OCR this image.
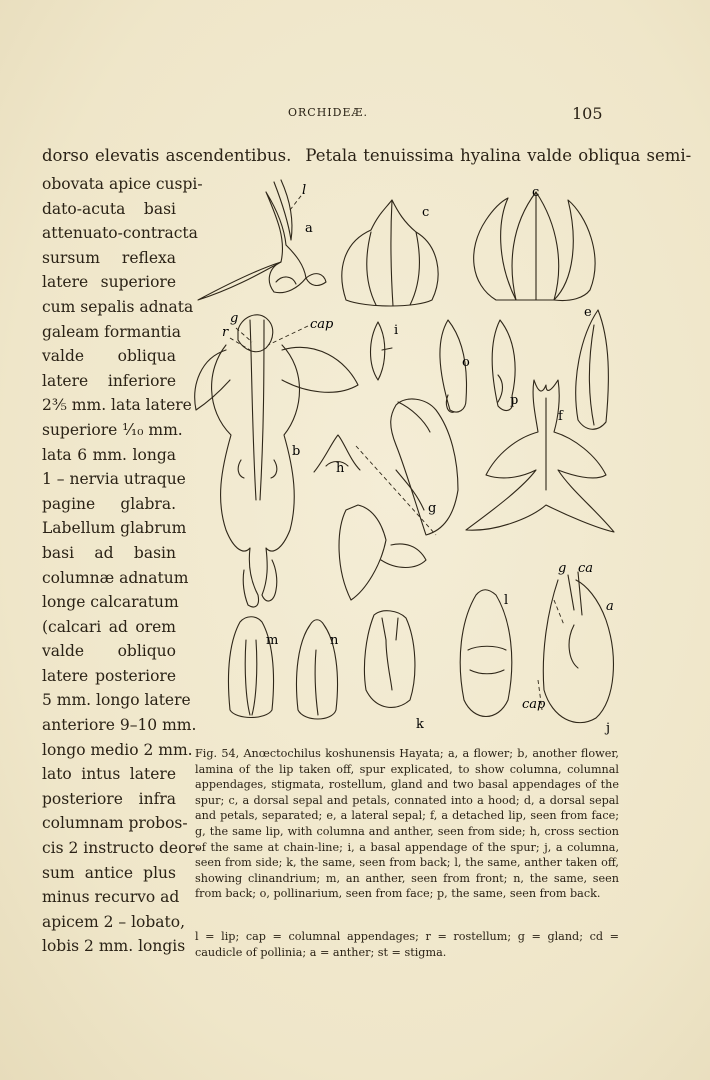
ORCHIDEÆ.	105
dorso elevatis ascendentibus. Petala tenuissima hyalina valde obliqua semi-
obovata apice cuspi-
dato-acuta basi
attenuato-contracta
sursum reflexa
latere superiore
cum sepalis adnata
galeam formantia
valde obliqua
latere inferiore
2⅗ mm. lata latere
superiore ¹⁄₁₀ mm.
lata 6 mm. longa
1 – nervia utraque
pagine glabra.
Labellum glabrum
basi ad basin
columnæ adnatum
longe calcaratum
(calcari ad orem
valde obliquo
latere posteriore
5 mm. longo latere
anteriore 9–10 mm.
longo medio 2 mm.
lato intus latere
posteriore infra
columnam probos-
cis 2 instructo deor-
sum antice plus
minus recurvo ad
apicem 2 – lobato,
lobis 2 mm. longis
a
l
c
c
b
g
r
cap	i
o
p
e
f
h
g
m	n
k
l
g ca
a
cap
j
Fig. 54, Anœctochilus koshunensis Hayata; a, a flower; b, another flower, lamina of the lip taken off, spur explicated, to show columna, columnal appendages, stigmata, rostellum, gland and two basal appendages of the spur; c, a dorsal sepal and petals, connated into a hood; d, a dorsal sepal and petals, separated; e, a lateral sepal; f, a detached lip, seen from face; g, the same lip, with columna and anther, seen from side; h, cross section of the same at chain-line; i, a basal appendage of the spur; j, a columna, seen from side; k, the same, seen from back; l, the same, anther taken off, showing clinandrium; m, an anther, seen from front; n, the same, seen from back; o, pollinarium, seen from face; p, the same, seen from back.
l = lip; cap = columnal appendages; r = rostellum; g = gland; cd = caudicle of pollinia; a = anther; st = stigma.
